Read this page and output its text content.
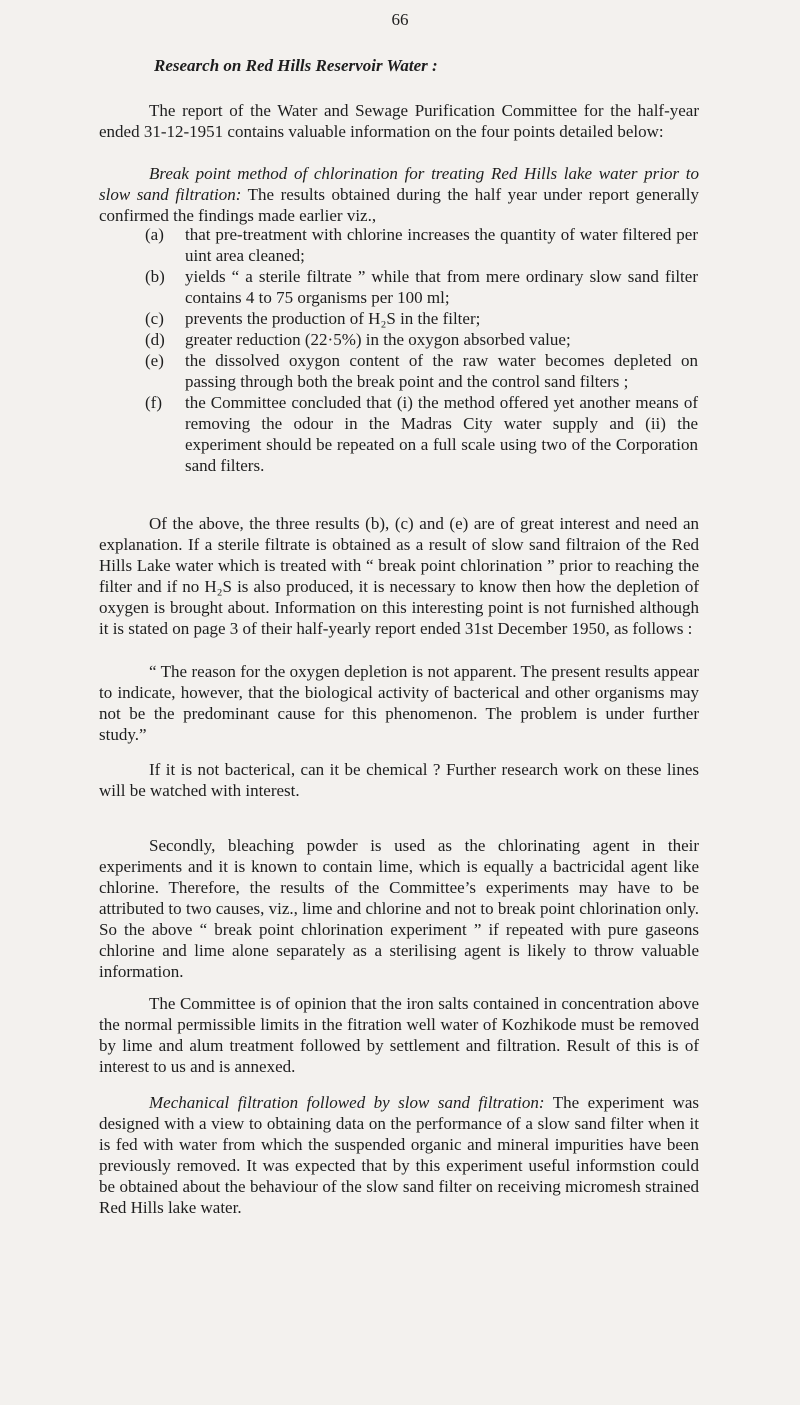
66
Research on Red Hills Reservoir Water :

The report of the Water and Sewage Purification Committee for the half-year ended 31-12-1951 contains valuable information on the four points detailed below:

Break point method of chlorination for treating Red Hills lake water prior to slow sand filtration: The results obtained during the half year under report generally confirmed the findings made earlier viz.,

(a) that pre-treatment with chlorine increases the quantity of water filtered per uint area cleaned;
(b) yields “ a sterile filtrate ” while that from mere ordinary slow sand filter contains 4 to 75 organisms per 100 ml;
(c) prevents the production of H₂S in the filter;
(d) greater reduction (22·5%) in the oxygon absorbed value;
(e) the dissolved oxygon content of the raw water becomes depleted on passing through both the break point and the control sand filters ;
(f) the Committee concluded that (i) the method offered yet another means of removing the odour in the Madras City water supply and (ii) the experiment should be repeated on a full scale using two of the Corporation sand filters.

Of the above, the three results (b), (c) and (e) are of great interest and need an explanation. If a sterile filtrate is obtained as a result of slow sand filtraion of the Red Hills Lake water which is treated with “ break point chlorination ” prior to reaching the filter and if no H₂S is also produced, it is necessary to know then how the depletion of oxygen is brought about. Information on this interesting point is not furnished although it is stated on page 3 of their half-yearly report ended 31st December 1950, as follows :

“ The reason for the oxygen depletion is not apparent. The present results appear to indicate, however, that the biological activity of bacterical and other organisms may not be the predominant cause for this phenomenon. The problem is under further study.”

If it is not bacterical, can it be chemical ? Further research work on these lines will be watched with interest.

Secondly, bleaching powder is used as the chlorinating agent in their experiments and it is known to contain lime, which is equally a bactricidal agent like chlorine. Therefore, the results of the Committee’s experiments may have to be attributed to two causes, viz., lime and chlorine and not to break point chlorination only. So the above “ break point chlorination experiment ” if repeated with pure gaseons chlorine and lime alone separately as a sterilising agent is likely to throw valuable information.

The Committee is of opinion that the iron salts contained in concentration above the normal permissible limits in the fitration well water of Kozhikode must be removed by lime and alum treatment followed by settlement and filtration. Result of this is of interest to us and is annexed.

Mechanical filtration followed by slow sand filtration: The experiment was designed with a view to obtaining data on the performance of a slow sand filter when it is fed with water from which the suspended organic and mineral impurities have been previously removed. It was expected that by this experiment useful informstion could be obtained about the behaviour of the slow sand filter on receiving micromesh strained Red Hills lake water.
